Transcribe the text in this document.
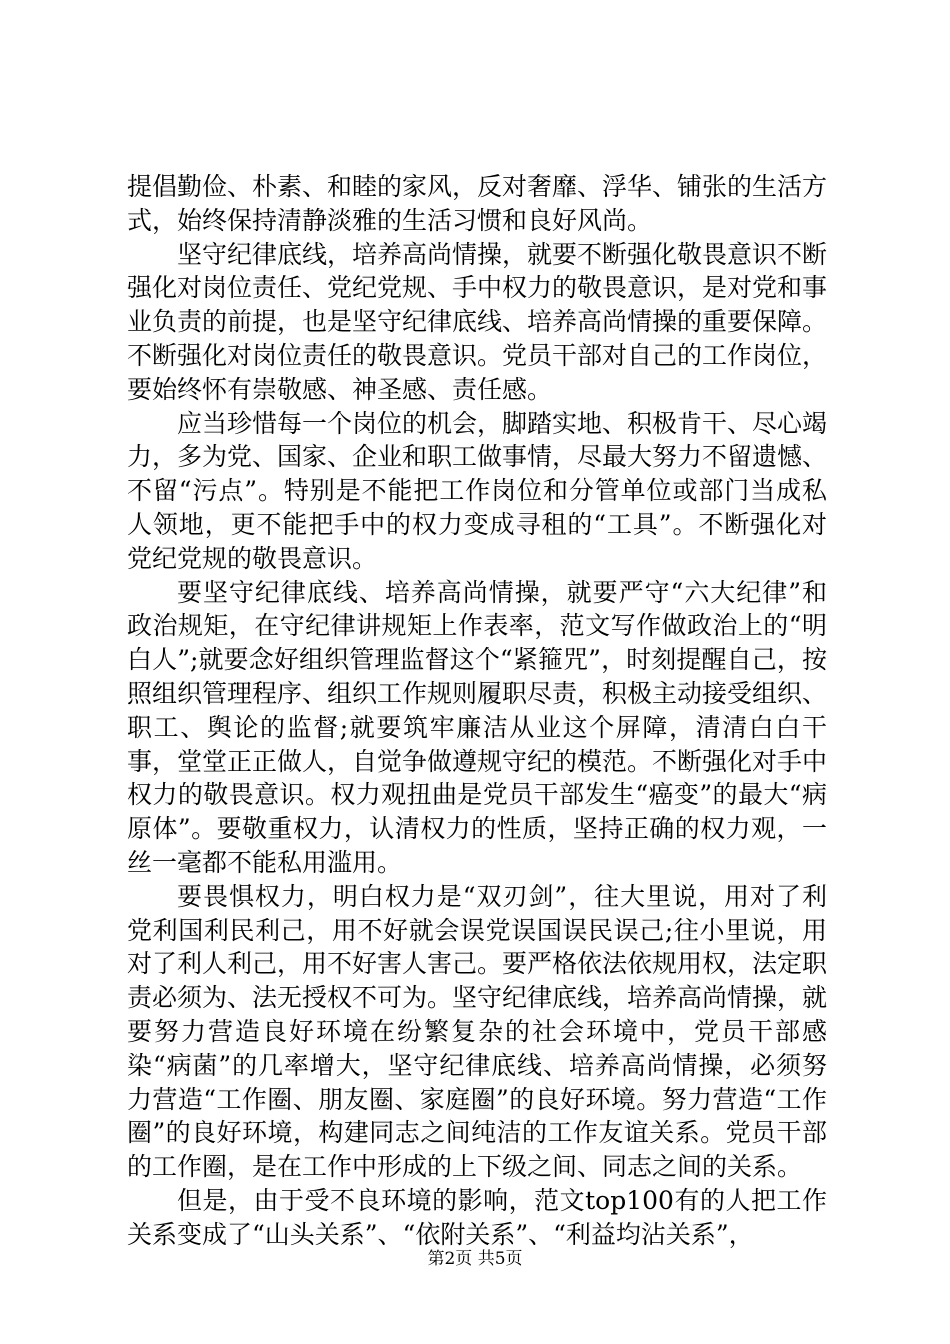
提倡勤俭、朴素、和睦的家风，反对奢靡、浮华、铺张的生活方式，始终保持清静淡雅的生活习惯和良好风尚。

坚守纪律底线，培养高尚情操，就要不断强化敬畏意识不断强化对岗位责任、党纪党规、手中权力的敬畏意识，是对党和事业负责的前提，也是坚守纪律底线、培养高尚情操的重要保障。不断强化对岗位责任的敬畏意识。党员干部对自己的工作岗位，要始终怀有崇敬感、神圣感、责任感。

应当珍惜每一个岗位的机会，脚踏实地、积极肯干、尽心竭力，多为党、国家、企业和职工做事情，尽最大努力不留遗憾、不留“污点”。特别是不能把工作岗位和分管单位或部门当成私人领地，更不能把手中的权力变成寻租的“工具”。不断强化对党纪党规的敬畏意识。

要坚守纪律底线、培养高尚情操，就要严守“六大纪律”和政治规矩，在守纪律讲规矩上作表率，范文写作做政治上的“明白人”;就要念好组织管理监督这个“紧箍咒”，时刻提醒自己，按照组织管理程序、组织工作规则履职尽责，积极主动接受组织、职工、舆论的监督;就要筑牢廉洁从业这个屏障，清清白白干事，堂堂正正做人，自觉争做遵规守纪的模范。不断强化对手中权力的敬畏意识。权力观扭曲是党员干部发生“癌变”的最大“病原体”。要敬重权力，认清权力的性质，坚持正确的权力观，一丝一毫都不能私用滥用。

要畏惧权力，明白权力是“双刃剑”，往大里说，用对了利党利国利民利己，用不好就会误党误国误民误己;往小里说，用对了利人利己，用不好害人害己。要严格依法依规用权，法定职责必须为、法无授权不可为。坚守纪律底线，培养高尚情操，就要努力营造良好环境在纷繁复杂的社会环境中，党员干部感染“病菌”的几率增大，坚守纪律底线、培养高尚情操，必须努力营造“工作圈、朋友圈、家庭圈”的良好环境。努力营造“工作圈”的良好环境，构建同志之间纯洁的工作友谊关系。党员干部的工作圈，是在工作中形成的上下级之间、同志之间的关系。

但是，由于受不良环境的影响，范文top100有的人把工作关系变成了“山头关系”、“依附关系”、“利益均沾关系”，

第2页 共5页
